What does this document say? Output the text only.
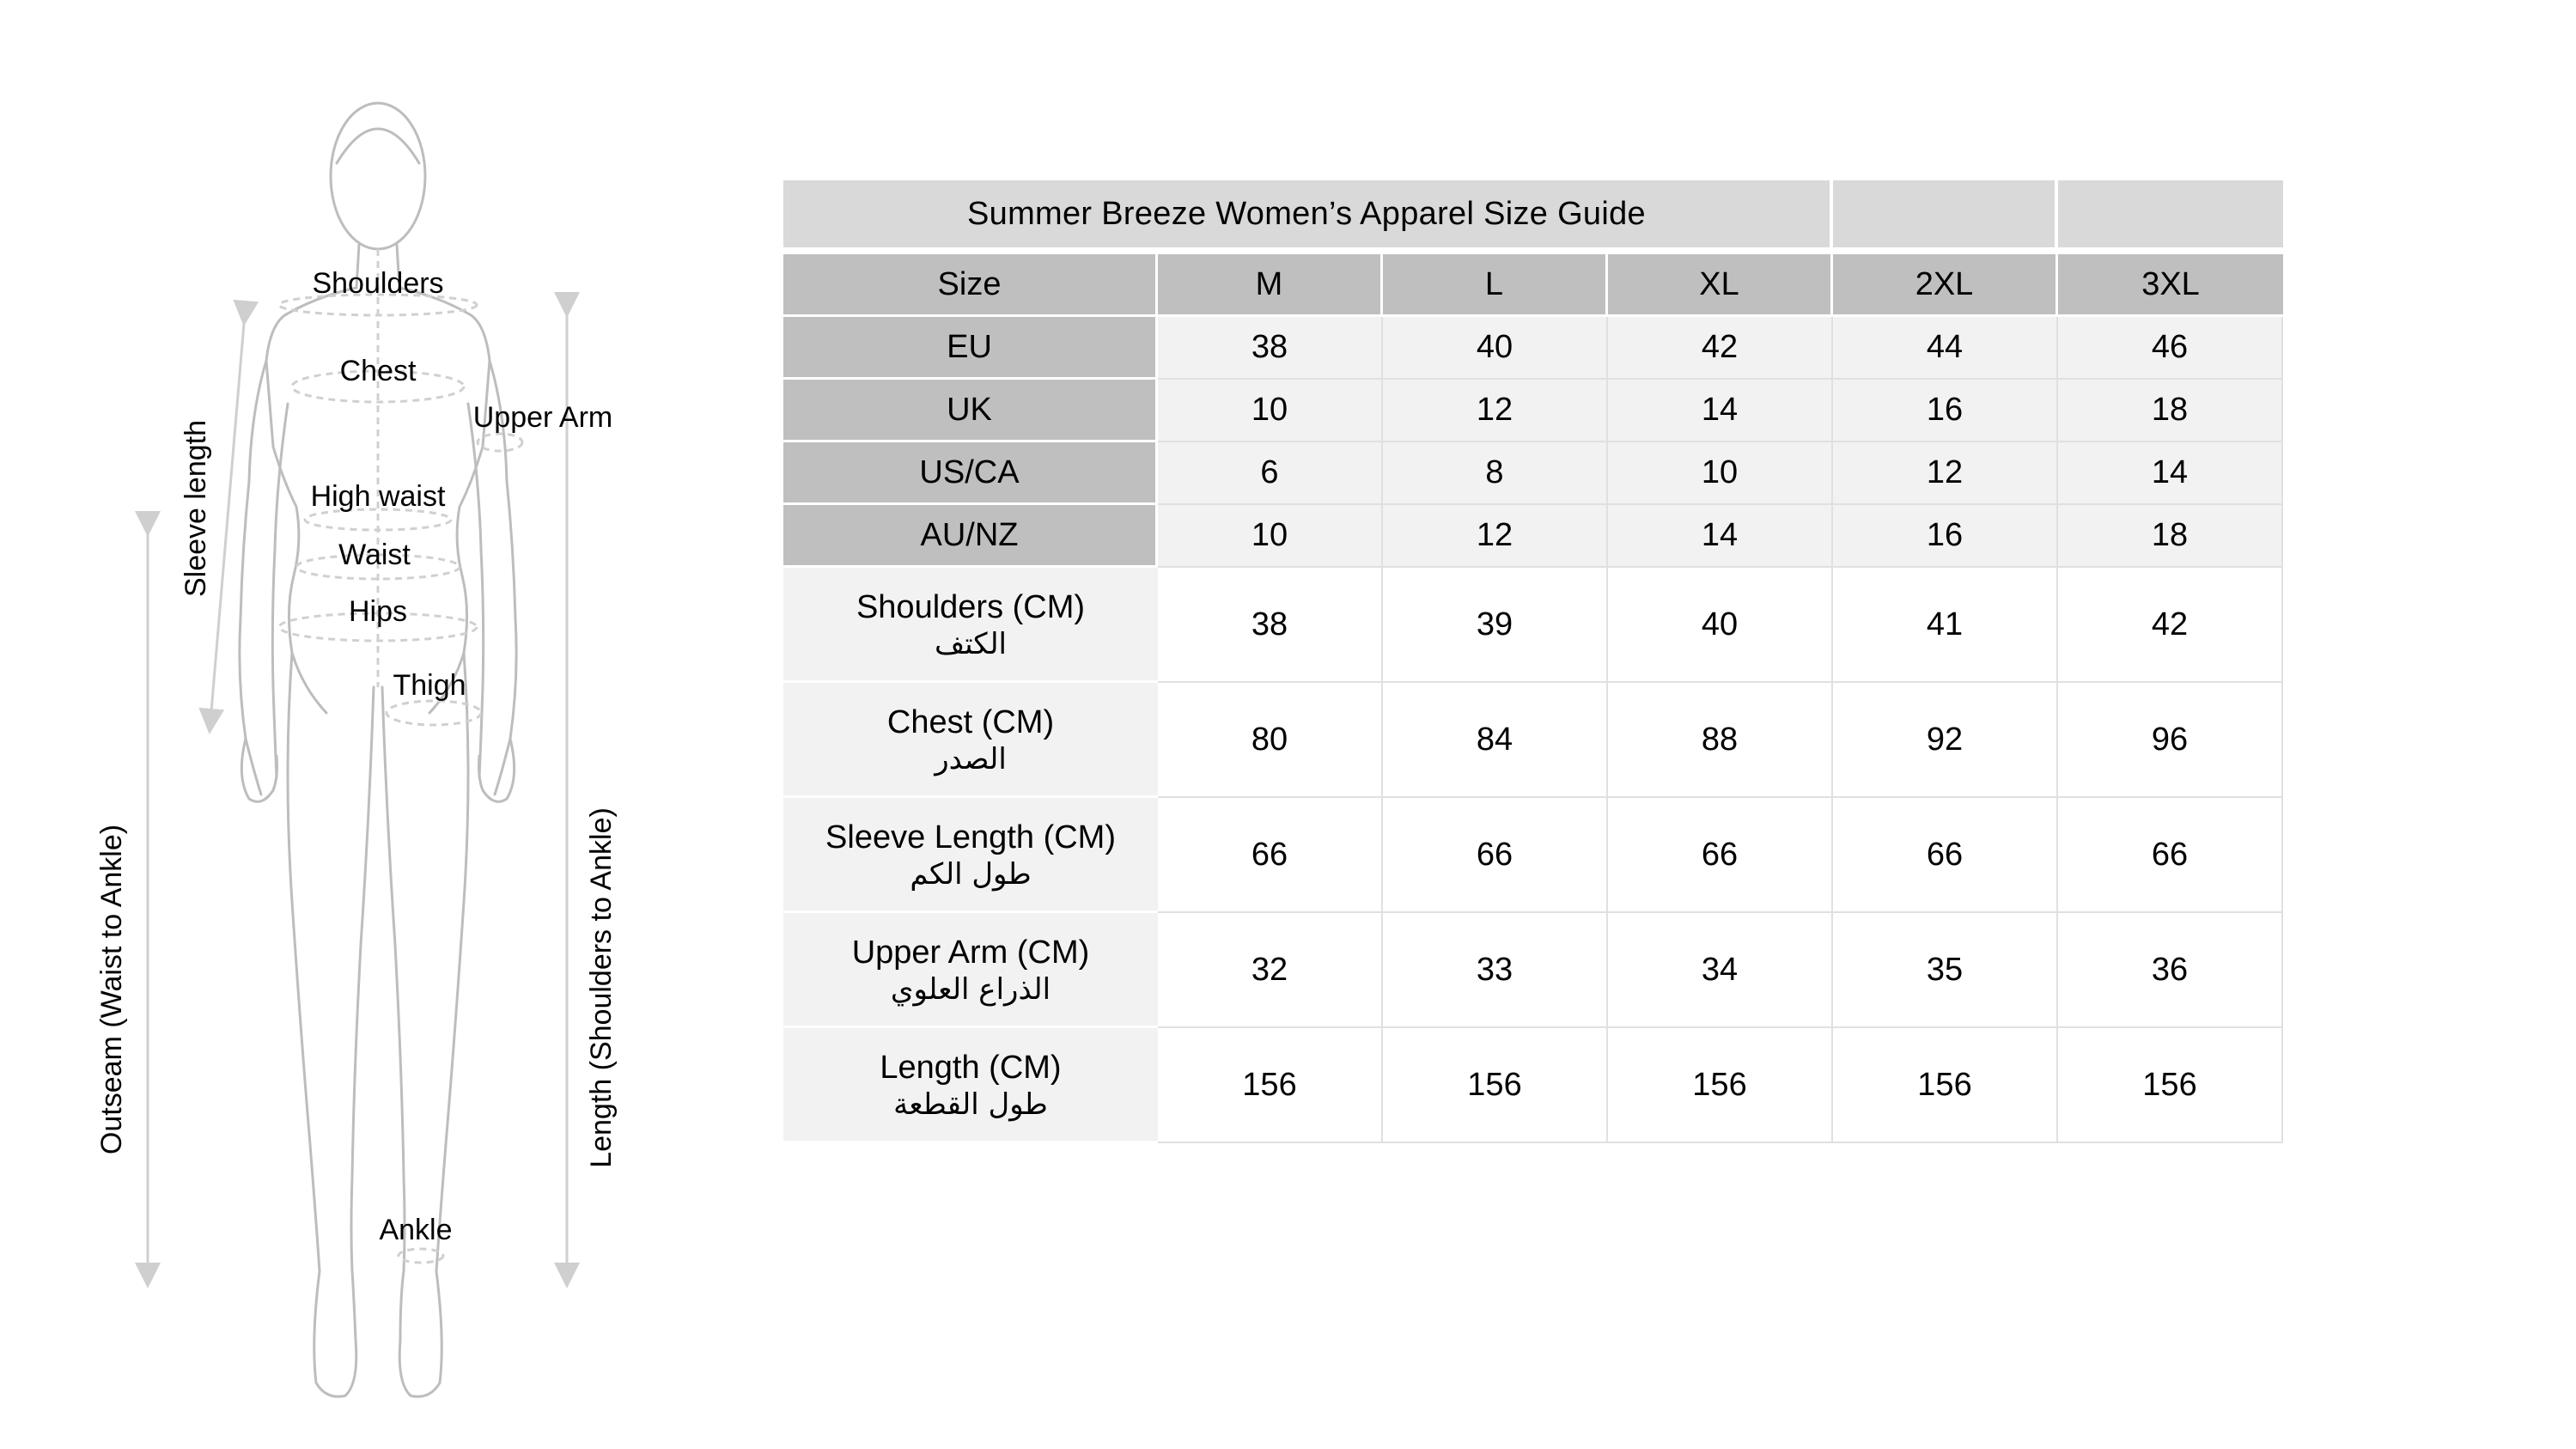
Shoulders
Chest
Upper Arm
Sleeve length	High waist
Waist
Hips
Thigh
Outseam (Waist to Ankle)	Length (Shoulders to Ankle)
Ankle
Summer Breeze Women’s Apparel Size Guide					
Size	M	L	XL	2XL	3XL
EU	38	40	42	44	46
UK	10	12	14	16	18
US/CA	6	8	10	12	14
AU/NZ	10	12	14	16	18

Shoulders (CM)
الكتف	38	39	40	41	42

Chest (CM)
الصدر	80	84	88	92	96

Sleeve Length (CM)
طول الكم	66	66	66	66	66

Upper Arm (CM)
الذراع العلوي	32	33	34	35	36

Length (CM)
طول القطعة	156	156	156	156	156
